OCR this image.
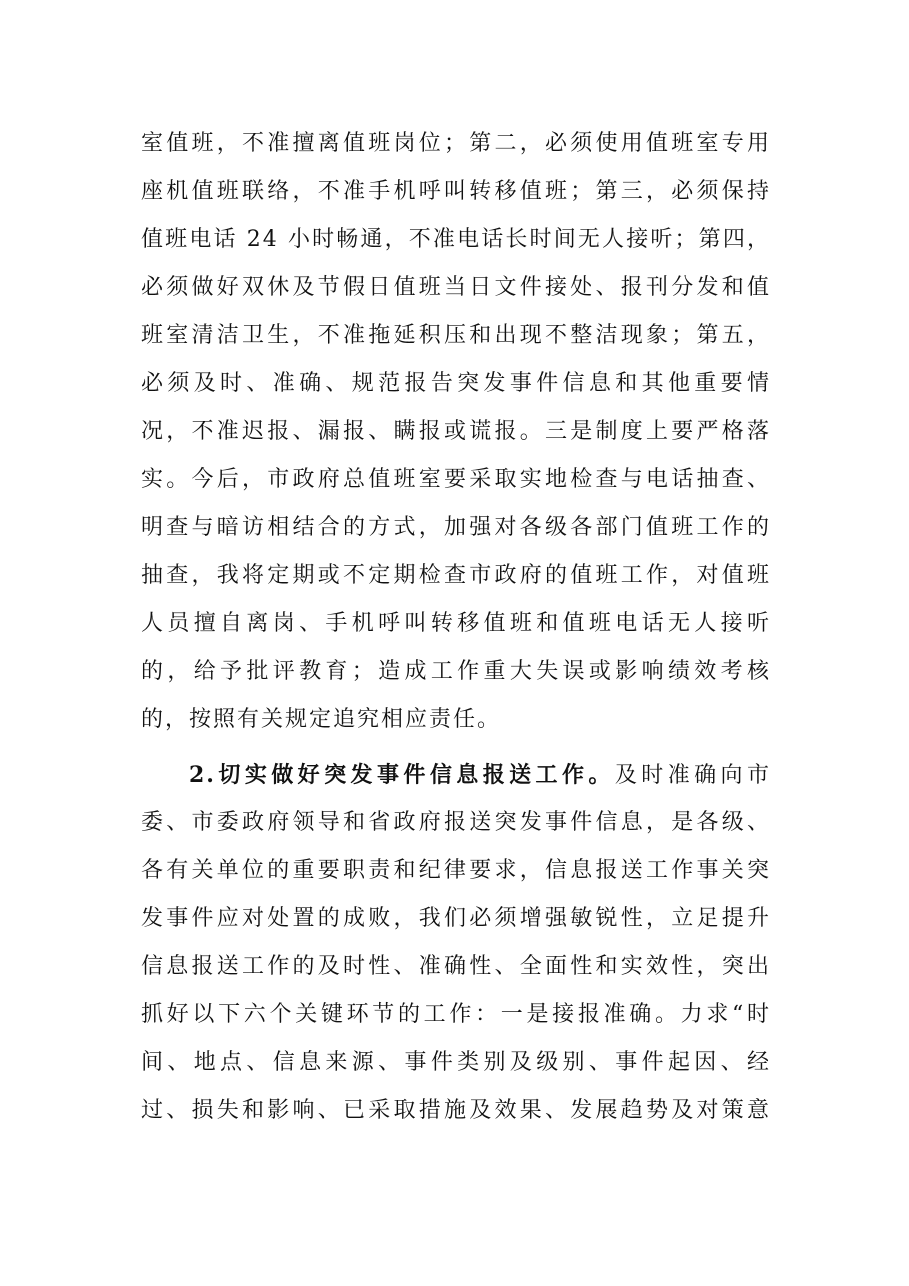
室值班，不准擅离值班岗位；第二，必须使用值班室专用
座机值班联络，不准手机呼叫转移值班；第三，必须保持
值班电话 24 小时畅通，不准电话长时间无人接听；第四，
必须做好双休及节假日值班当日文件接处、报刊分发和值
班室清洁卫生，不准拖延积压和出现不整洁现象；第五，
必须及时、准确、规范报告突发事件信息和其他重要情
况，不准迟报、漏报、瞒报或谎报。三是制度上要严格落
实。今后，市政府总值班室要采取实地检查与电话抽查、
明查与暗访相结合的方式，加强对各级各部门值班工作的
抽查，我将定期或不定期检查市政府的值班工作，对值班
人员擅自离岗、手机呼叫转移值班和值班电话无人接听
的，给予批评教育；造成工作重大失误或影响绩效考核
的，按照有关规定追究相应责任。
2.切实做好突发事件信息报送工作。及时准确向市
委、市委政府领导和省政府报送突发事件信息，是各级、
各有关单位的重要职责和纪律要求，信息报送工作事关突
发事件应对处置的成败，我们必须增强敏锐性，立足提升
信息报送工作的及时性、准确性、全面性和实效性，突出
抓好以下六个关键环节的工作：一是接报准确。力求“时
间、地点、信息来源、事件类别及级别、事件起因、经
过、损失和影响、已采取措施及效果、发展趋势及对策意
